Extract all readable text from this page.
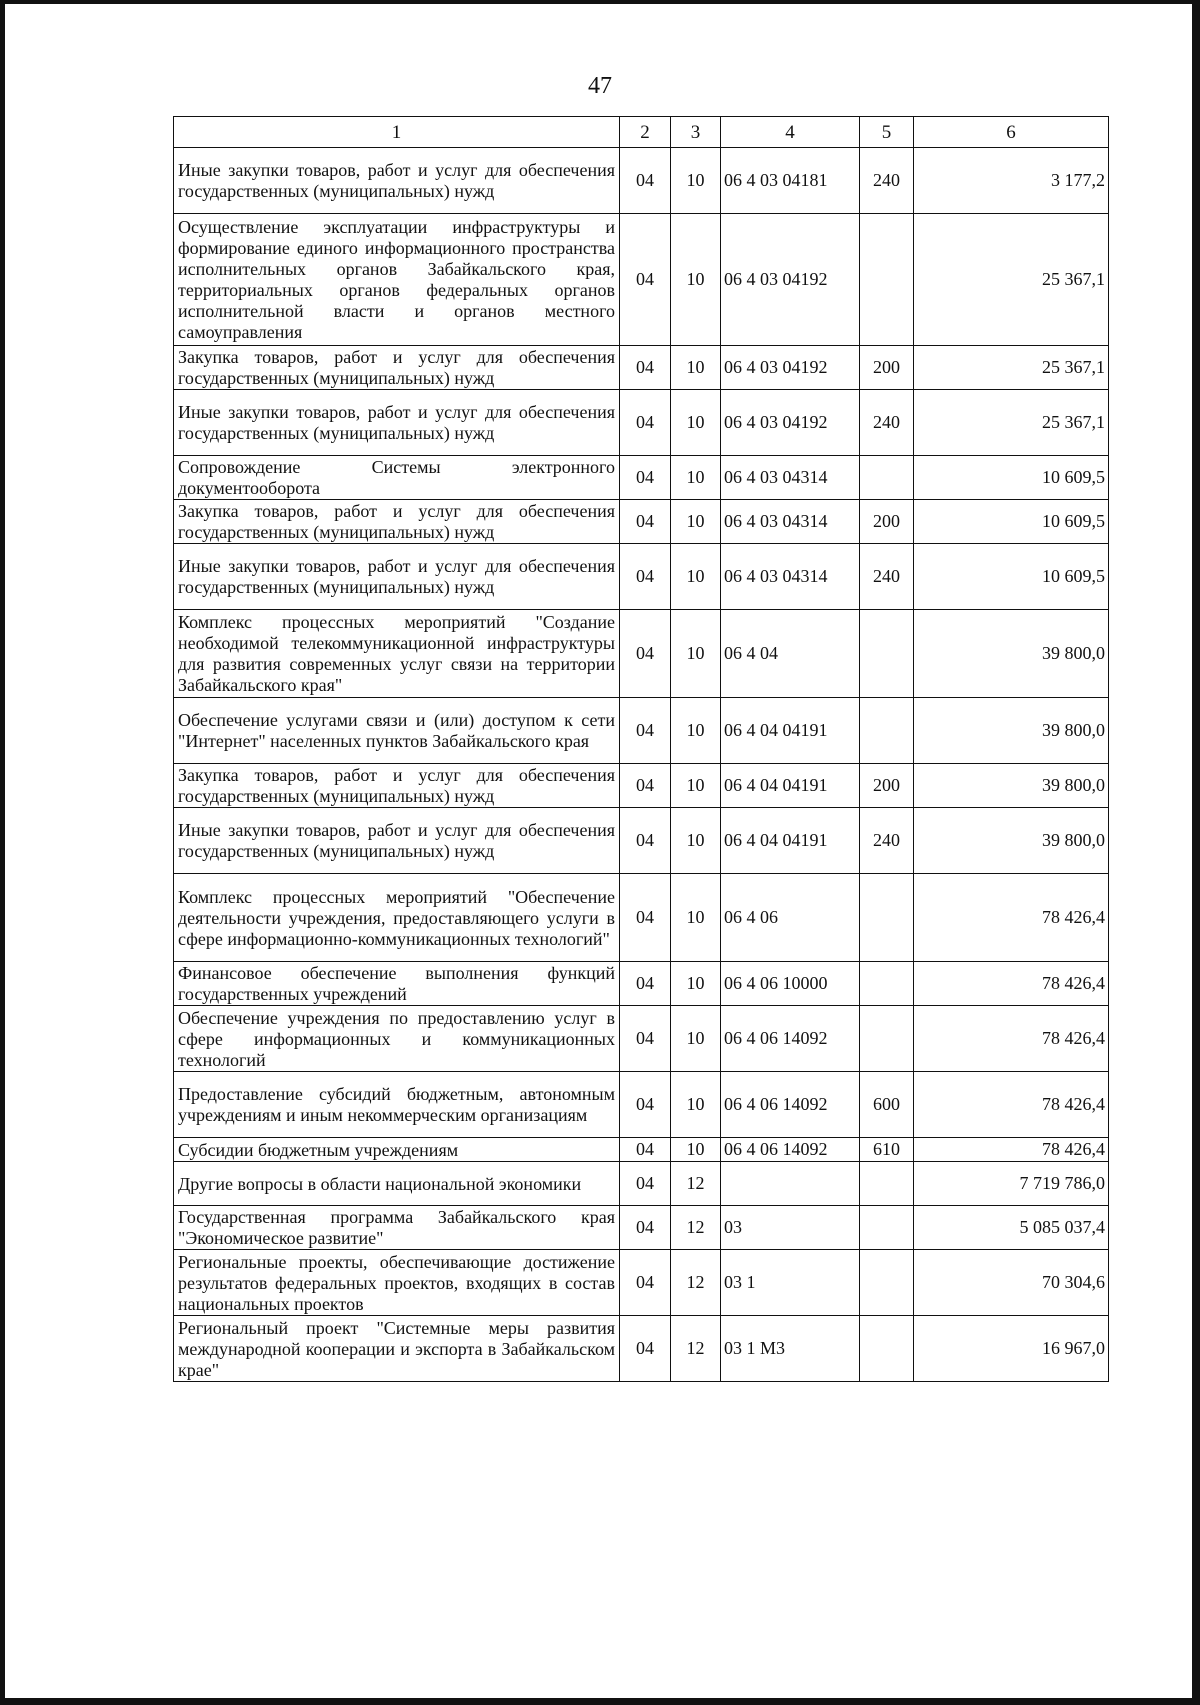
47
1	2	3	4	5	6
Иные закупки товаров, работ и услуг для обеспечения государственных (муниципальных) нужд	04	10	06 4 03 04181	240	3 177,2
Осуществление эксплуатации инфраструктуры и формирование единого информационного пространства исполнительных органов Забайкальского края, территориальных органов федеральных органов исполнительной власти и органов местного самоуправления	04	10	06 4 03 04192		25 367,1
Закупка товаров, работ и услуг для обеспечения государственных (муниципальных) нужд	04	10	06 4 03 04192	200	25 367,1
Иные закупки товаров, работ и услуг для обеспечения государственных (муниципальных) нужд	04	10	06 4 03 04192	240	25 367,1
Сопровождение Системы электронного документооборота	04	10	06 4 03 04314		10 609,5
Закупка товаров, работ и услуг для обеспечения государственных (муниципальных) нужд	04	10	06 4 03 04314	200	10 609,5
Иные закупки товаров, работ и услуг для обеспечения государственных (муниципальных) нужд	04	10	06 4 03 04314	240	10 609,5
Комплекс процессных мероприятий "Создание необходимой телекоммуникационной инфраструктуры для развития современных услуг связи на территории Забайкальского края"	04	10	06 4 04		39 800,0
Обеспечение услугами связи и (или) доступом к сети "Интернет" населенных пунктов Забайкальского края	04	10	06 4 04 04191		39 800,0
Закупка товаров, работ и услуг для обеспечения государственных (муниципальных) нужд	04	10	06 4 04 04191	200	39 800,0
Иные закупки товаров, работ и услуг для обеспечения государственных (муниципальных) нужд	04	10	06 4 04 04191	240	39 800,0
Комплекс процессных мероприятий "Обеспечение деятельности учреждения, предоставляющего услуги в сфере информационно-коммуникационных технологий"	04	10	06 4 06		78 426,4
Финансовое обеспечение выполнения функций государственных учреждений	04	10	06 4 06 10000		78 426,4
Обеспечение учреждения по предоставлению услуг в сфере информационных и коммуникационных технологий	04	10	06 4 06 14092		78 426,4
Предоставление субсидий бюджетным, автономным учреждениям и иным некоммерческим организациям	04	10	06 4 06 14092	600	78 426,4
Субсидии бюджетным учреждениям	04	10	06 4 06 14092	610	78 426,4
Другие вопросы в области национальной экономики	04	12			7 719 786,0
Государственная программа Забайкальского края "Экономическое развитие"	04	12	03		5 085 037,4
Региональные проекты, обеспечивающие достижение результатов федеральных проектов, входящих в состав национальных проектов	04	12	03 1		70 304,6
Региональный проект "Системные меры развития международной кооперации и экспорта в Забайкальском крае"	04	12	03 1 М3		16 967,0
